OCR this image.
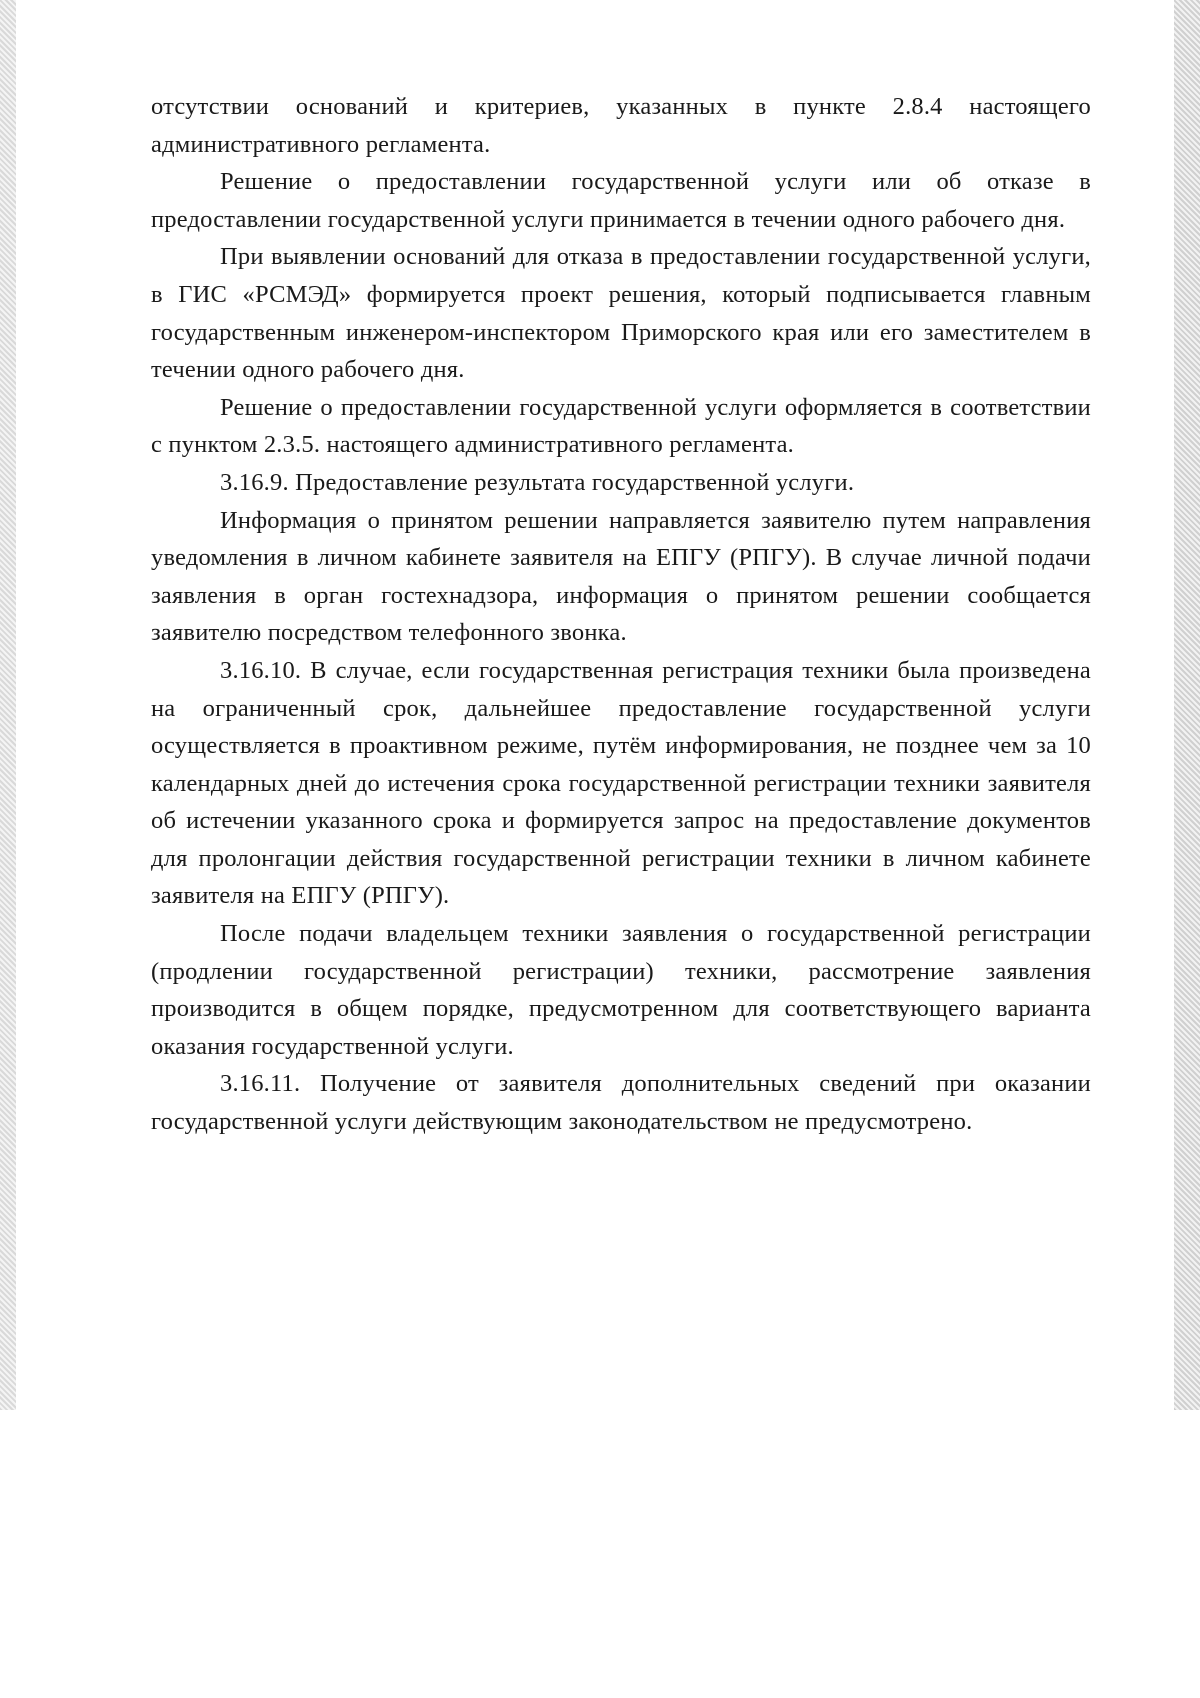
отсутствии оснований и критериев, указанных в пункте 2.8.4 настоящего административного регламента.

Решение о предоставлении государственной услуги или об отказе в предоставлении государственной услуги принимается в течении одного рабочего дня.

При выявлении оснований для отказа в предоставлении государственной услуги, в ГИС «РСМЭД» формируется проект решения, который подписывается главным государственным инженером-инспектором Приморского края или его заместителем в течении одного рабочего дня.

Решение о предоставлении государственной услуги оформляется в соответствии с пунктом 2.3.5. настоящего административного регламента.

3.16.9. Предоставление результата государственной услуги.

Информация о принятом решении направляется заявителю путем направления уведомления в личном кабинете заявителя на ЕПГУ (РПГУ). В случае личной подачи заявления в орган гостехнадзора, информация о принятом решении сообщается заявителю посредством телефонного звонка.

3.16.10. В случае, если государственная регистрация техники была произведена на ограниченный срок, дальнейшее предоставление государственной услуги осуществляется в проактивном режиме, путём информирования, не позднее чем за 10 календарных дней до истечения срока государственной регистрации техники заявителя об истечении указанного срока и формируется запрос на предоставление документов для пролонгации действия государственной регистрации техники в личном кабинете заявителя на ЕПГУ (РПГУ).

После подачи владельцем техники заявления о государственной регистрации (продлении государственной регистрации) техники, рассмотрение заявления производится в общем порядке, предусмотренном для соответствующего варианта оказания государственной услуги.

3.16.11. Получение от заявителя дополнительных сведений при оказании государственной услуги действующим законодательством не предусмотрено.
